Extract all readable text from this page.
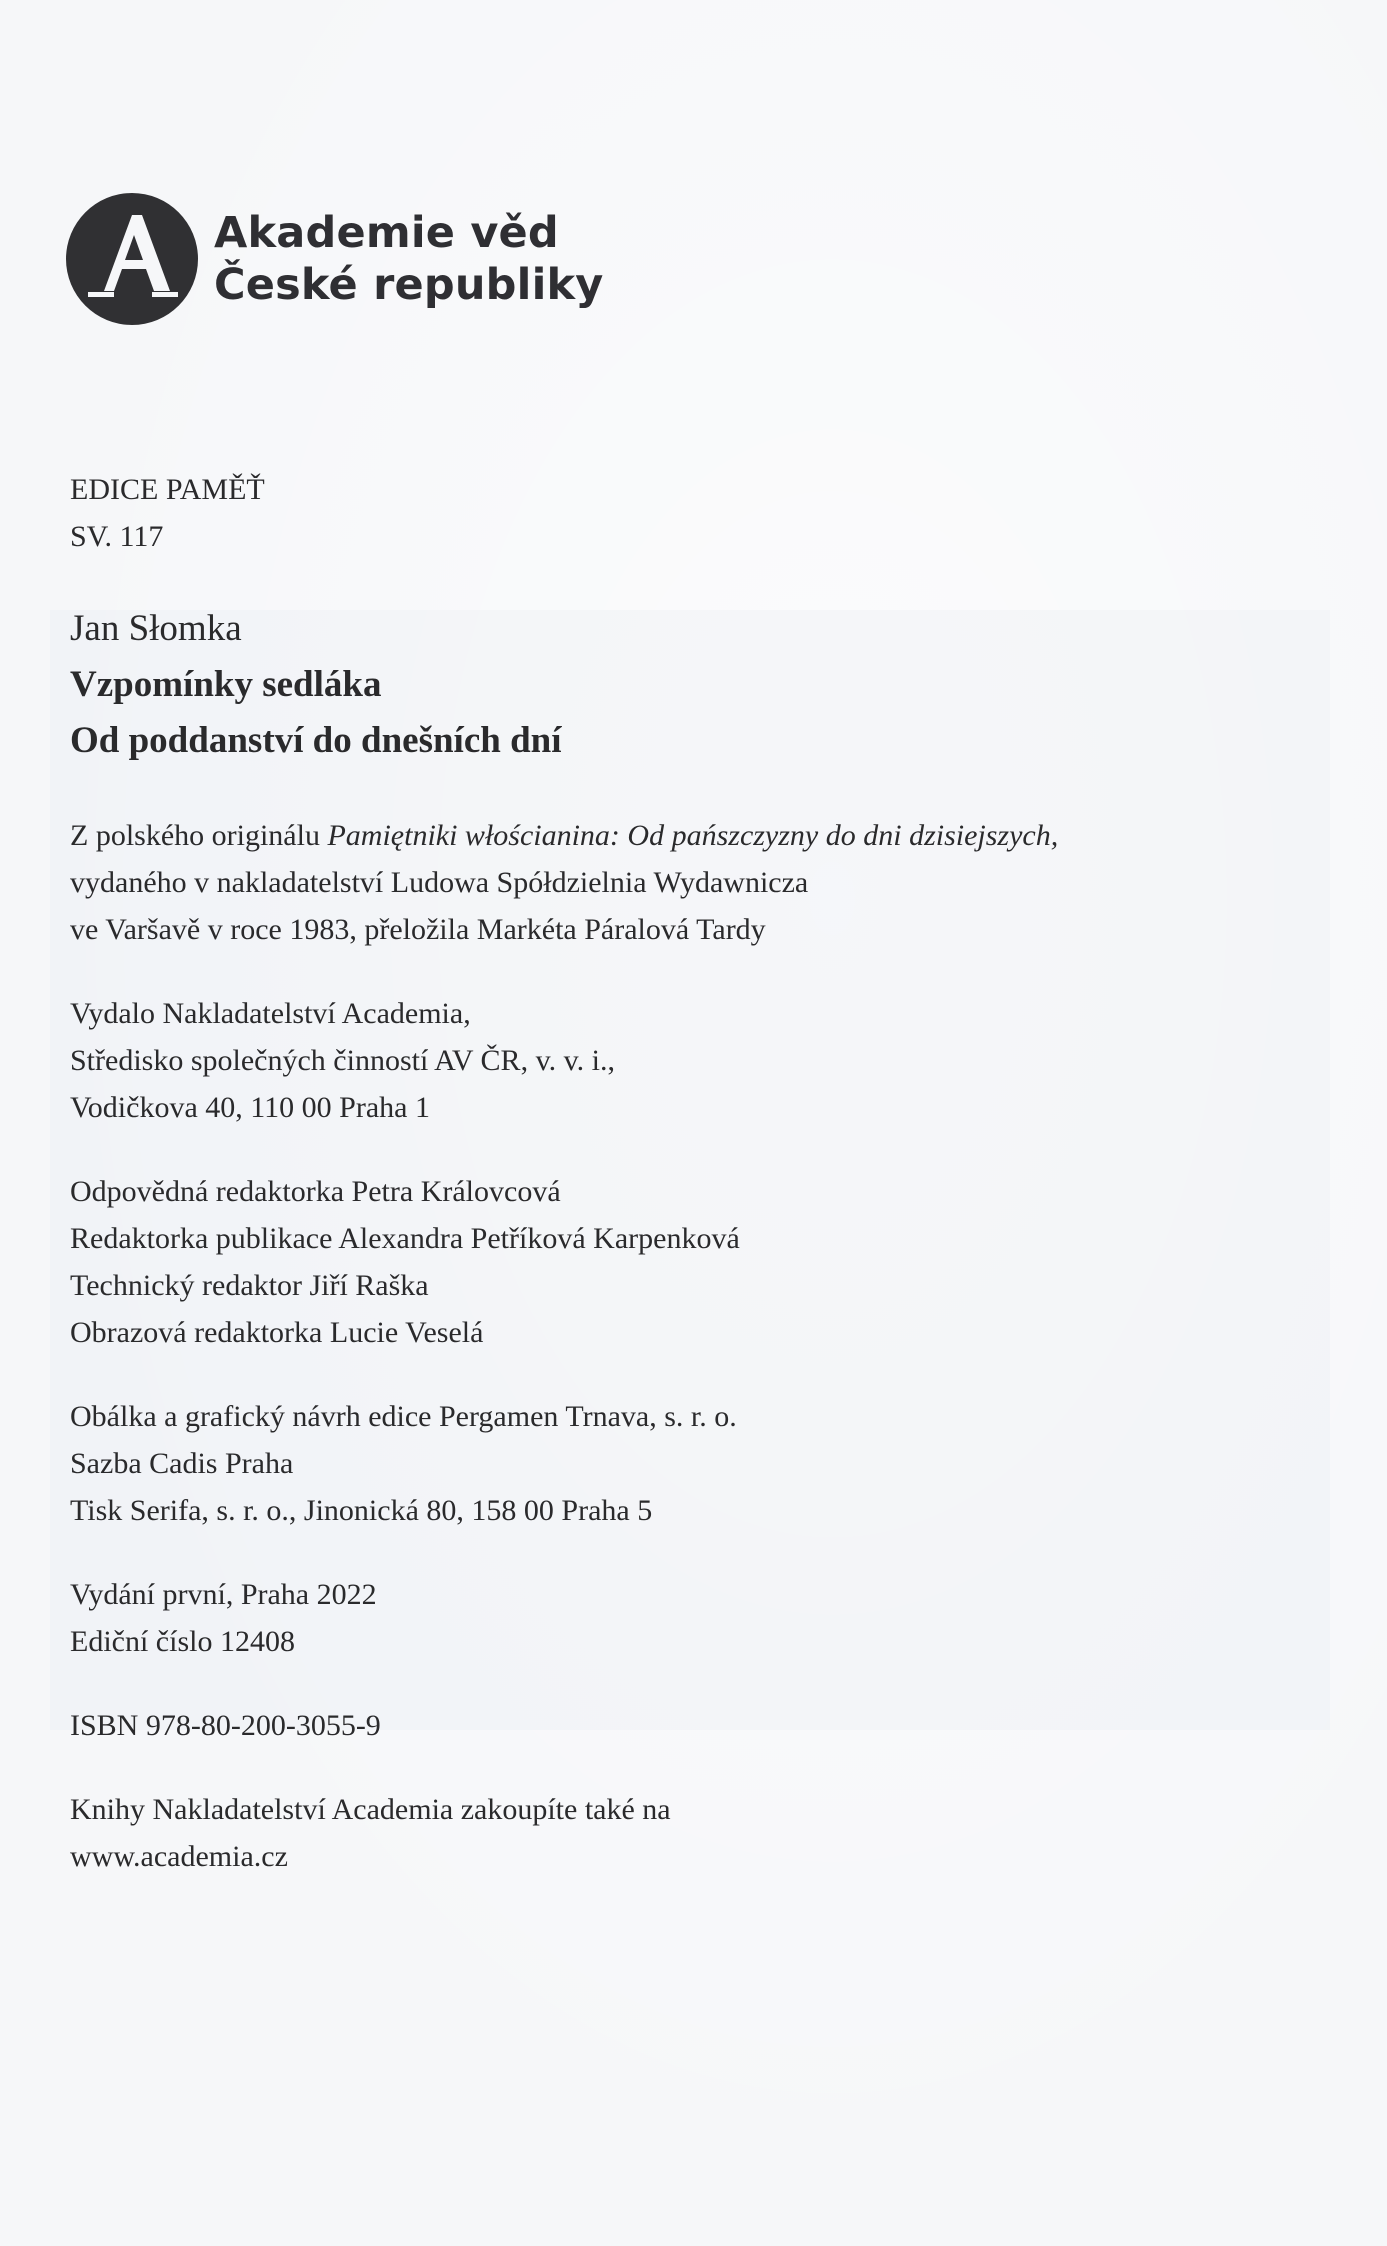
Akademie věd
České republiky
EDICE PAMĚŤ
SV. 117
Jan Słomka
Vzpomínky sedláka
Od poddanství do dnešních dní
Z polského originálu Pamiętniki włościanina: Od pańszczyzny do dni dzisiejszych,
vydaného v nakladatelství Ludowa Spółdzielnia Wydawnicza
ve Varšavě v roce 1983, přeložila Markéta Páralová Tardy
Vydalo Nakladatelství Academia,
Středisko společných činností AV ČR, v. v. i.,
Vodičkova 40, 110 00 Praha 1
Odpovědná redaktorka Petra Královcová
Redaktorka publikace Alexandra Petříková Karpenková
Technický redaktor Jiří Raška
Obrazová redaktorka Lucie Veselá
Obálka a grafický návrh edice Pergamen Trnava, s. r. o.
Sazba Cadis Praha
Tisk Serifa, s. r. o., Jinonická 80, 158 00 Praha 5
Vydání první, Praha 2022
Ediční číslo 12408
ISBN 978-80-200-3055-9
Knihy Nakladatelství Academia zakoupíte také na
www.academia.cz
